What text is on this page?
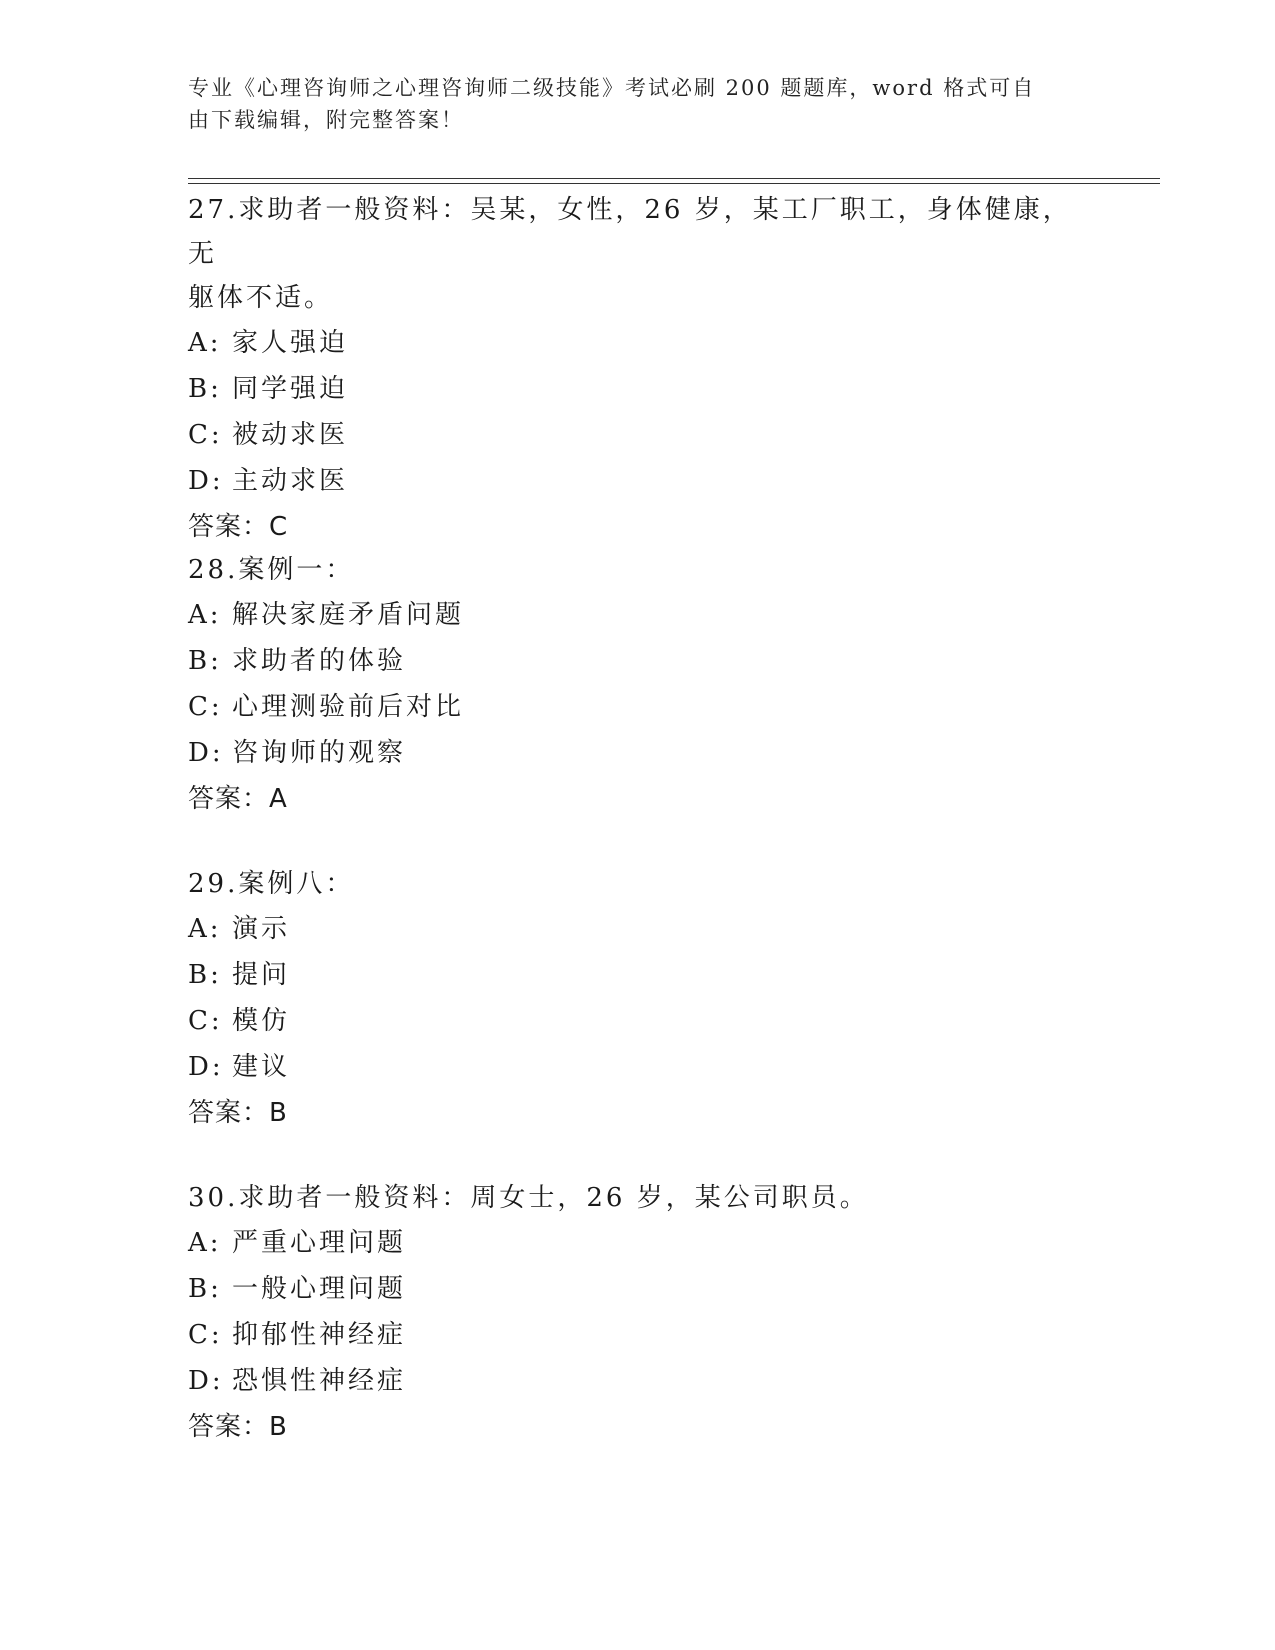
专业《心理咨询师之心理咨询师二级技能》考试必刷 200 题题库，word 格式可自
由下载编辑，附完整答案！

27.求助者一般资料：吴某，女性，26 岁，某工厂职工，身体健康，无

躯体不适。

A: 家人强迫

B: 同学强迫

C: 被动求医

D: 主动求医

答案：C

28.案例一：

A: 解决家庭矛盾问题

B: 求助者的体验

C: 心理测验前后对比

D: 咨询师的观察

答案：A

29.案例八：

A: 演示

B: 提问

C: 模仿

D: 建议

答案：B

30.求助者一般资料：周女士，26 岁，某公司职员。

A: 严重心理问题

B: 一般心理问题

C: 抑郁性神经症

D: 恐惧性神经症

答案：B
